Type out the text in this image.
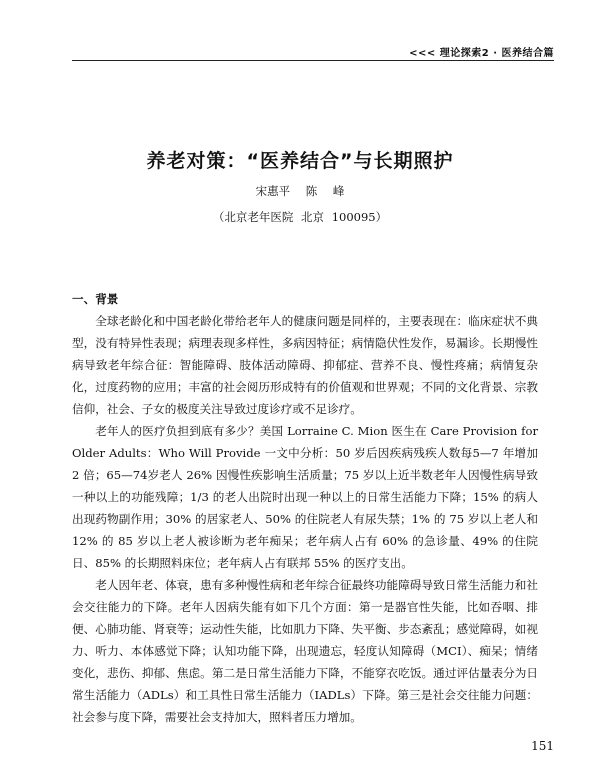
<<< 理论探索2 · 医养结合篇
养老对策：“医养结合”与长期照护
宋惠平 陈 峰
（北京老年医院 北京 100095）
一、背景

全球老龄化和中国老龄化带给老年人的健康问题是同样的，主要表现在：临床症状不典型，没有特异性表现；病理表现多样性，多病因特征；病情隐伏性发作，易漏诊。长期慢性病导致老年综合征：智能障碍、肢体活动障碍、抑郁症、营养不良、慢性疼痛；病情复杂化，过度药物的应用；丰富的社会阅历形成特有的价值观和世界观；不同的文化背景、宗教信仰，社会、子女的极度关注导致过度诊疗或不足诊疗。

老年人的医疗负担到底有多少？美国 Lorraine C. Mion 医生在 Care Provision for Older Adults：Who Will Provide 一文中分析：50 岁后因疾病残疾人数每5—7 年增加 2 倍；65—74岁老人 26% 因慢性疾影响生活质量；75 岁以上近半数老年人因慢性病导致一种以上的功能残障；1/3 的老人出院时出现一种以上的日常生活能力下降；15% 的病人出现药物副作用；30% 的居家老人、50% 的住院老人有尿失禁；1% 的 75 岁以上老人和 12% 的 85 岁以上老人被诊断为老年痴呆；老年病人占有 60% 的急诊量、49% 的住院日、85% 的长期照料床位；老年病人占有联邦 55% 的医疗支出。

老人因年老、体衰，患有多种慢性病和老年综合征最终功能障碍导致日常生活能力和社会交往能力的下降。老年人因病失能有如下几个方面：第一是器官性失能，比如吞咽、排便、心肺功能、肾衰等；运动性失能，比如肌力下降、失平衡、步态紊乱；感觉障碍，如视力、听力、本体感觉下降；认知功能下降，出现遗忘，轻度认知障碍（MCI）、痴呆；情绪变化，悲伤、抑郁、焦虑。第二是日常生活能力下降，不能穿衣吃饭。通过评估量表分为日常生活能力（ADLs）和工具性日常生活能力（IADLs）下降。第三是社会交往能力问题：社会参与度下降，需要社会支持加大，照料者压力增加。

151
